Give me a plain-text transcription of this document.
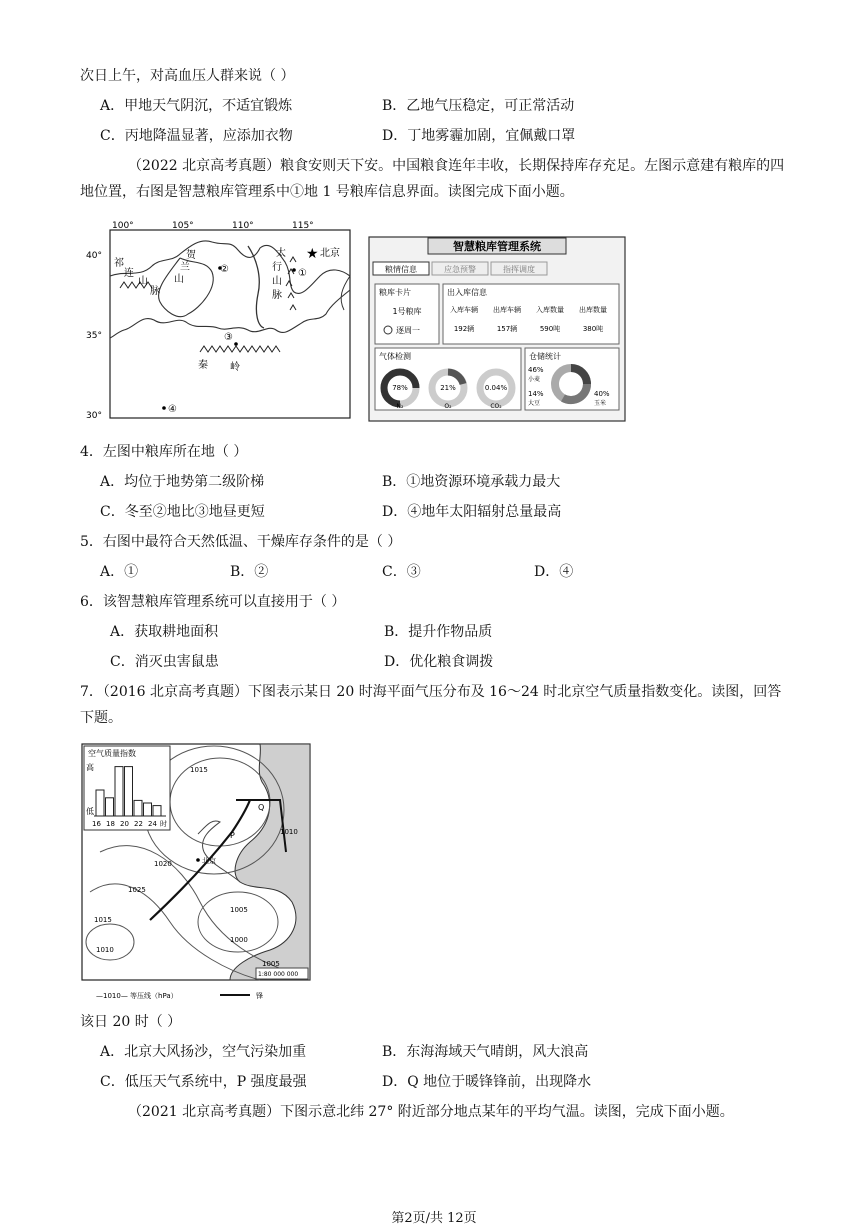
次日上午，对高血压人群来说（ ）
A．甲地天气阴沉，不适宜锻炼	B．乙地气压稳定，可正常活动
C．丙地降温显著，应添加衣物	D．丁地雾霾加剧，宜佩戴口罩
（2022 北京高考真题）粮食安则天下安。中国粮食连年丰收，长期保持库存充足。左图示意建有粮库的四地位置，右图是智慧粮库管理系中①地 1 号粮库信息界面。读图完成下面小题。
100°	105°	110°	115°
40°
35°
30°
祁
连
山
脉
贺
兰
山
太
行
山
脉
秦 岭
★ 北京
①
②
③
④
智慧粮库管理系统
粮情信息	应急预警	指挥调度
粮库卡片
1号粮库
逐周一
出入库信息
入库车辆 出库车辆 入库数量 出库数量
192辆	157辆	590吨	380吨
气体检测
78%
N₂
21%
O₂
0.04%
CO₂
仓储统计
46%
小麦
14%
大豆
40%
玉米
4．左图中粮库所在地（ ）
A．均位于地势第二级阶梯	B．①地资源环境承载力最大
C．冬至②地比③地昼更短	D．④地年太阳辐射总量最高
5．右图中最符合天然低温、干燥库存条件的是（ ）
A．①	B．②	C．③	D．④
6．该智慧粮库管理系统可以直接用于（ ）
A．获取耕地面积	B．提升作物品质
C．消灭虫害鼠患	D．优化粮食调拨
7．（2016 北京高考真题）下图表示某日 20 时海平面气压分布及 16～24 时北京空气质量指数变化。读图，回答下题。
空气质量指数
高
低
16 18 20 22 24 时
1015
1020
1025
1015
1010
1005
1000
1010
1005
北京
P
Q
1:80 000 000
—1010— 等压线（hPa）	锋
该日 20 时（ ）
A．北京大风扬沙，空气污染加重	B．东海海域天气晴朗，风大浪高
C．低压天气系统中，P 强度最强	D．Q 地位于暖锋锋前，出现降水
（2021 北京高考真题）下图示意北纬 27° 附近部分地点某年的平均气温。读图，完成下面小题。
第2页/共 12页
